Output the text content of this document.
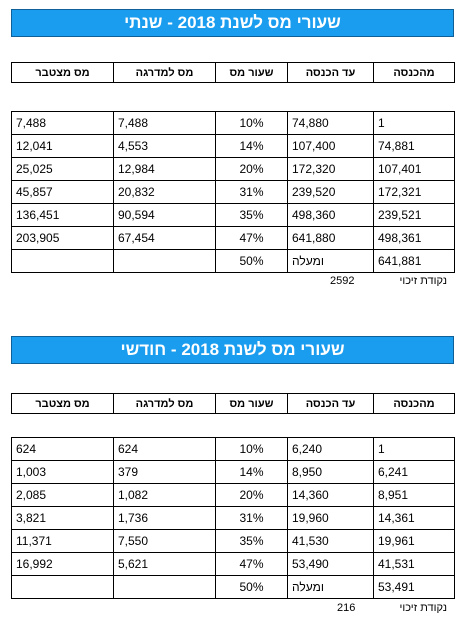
שעורי מס לשנת 2018 - שנתי
מהכנסה	עד הכנסה	שעור מס	מס למדרגה	מס מצטבר
1	74,880	10%	7,488	7,488
74,881	107,400	14%	4,553	12,041
107,401	172,320	20%	12,984	25,025
172,321	239,520	31%	20,832	45,857
239,521	498,360	35%	90,594	136,451
498,361	641,880	47%	67,454	203,905
641,881	ומעלה	50%		
נקודת זיכוי
2592
שעורי מס לשנת 2018 - חודשי
מהכנסה	עד הכנסה	שעור מס	מס למדרגה	מס מצטבר
1	6,240	10%	624	624
6,241	8,950	14%	379	1,003
8,951	14,360	20%	1,082	2,085
14,361	19,960	31%	1,736	3,821
19,961	41,530	35%	7,550	11,371
41,531	53,490	47%	5,621	16,992
53,491	ומעלה	50%		
נקודת זיכוי
216
